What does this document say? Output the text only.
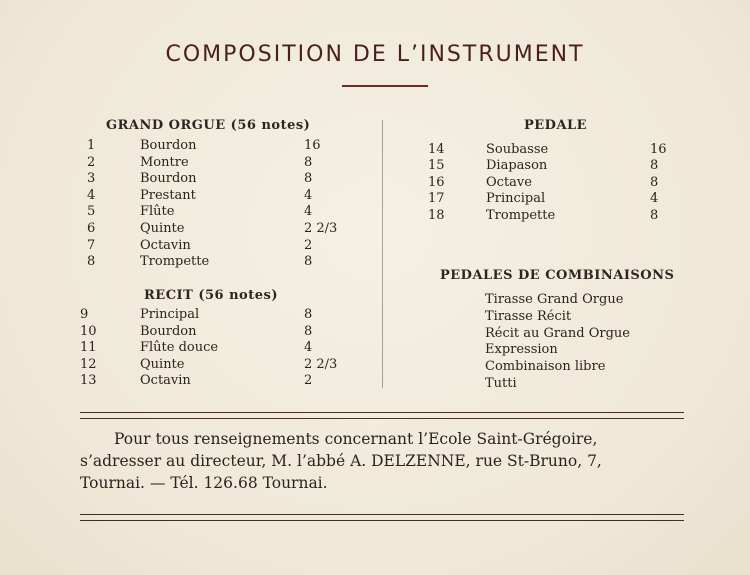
COMPOSITION DE L’INSTRUMENT
GRAND ORGUE (56 notes)
1	Bourdon	16
2	Montre	8
3	Bourdon	8
4	Prestant	4
5	Flûte	4
6	Quinte	2 2/3
7	Octavin	2
8	Trompette	8
RECIT (56 notes)
9	Principal	8
10	Bourdon	8
11	Flûte douce	4
12	Quinte	2 2/3
13	Octavin	2
PEDALE
14	Soubasse	16
15	Diapason	8
16	Octave	8
17	Principal	4
18	Trompette	8
PEDALES DE COMBINAISONS
Tirasse Grand Orgue
Tirasse Récit
Récit au Grand Orgue
Expression
Combinaison libre
Tutti
Pour tous renseignements concernant l’Ecole Saint-Grégoire,
s’adresser au directeur, M. l’abbé A. DELZENNE, rue St-Bruno, 7,
Tournai. — Tél. 126.68 Tournai.
